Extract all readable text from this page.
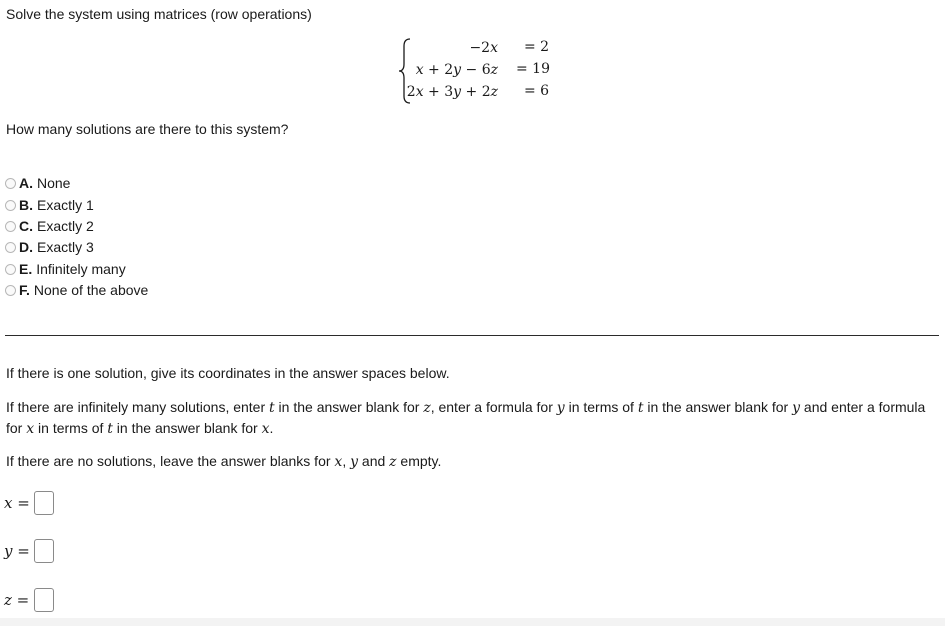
Solve the system using matrices (row operations)
−2x = 2
x + 2y − 6z = 19
2x + 3y + 2z = 6
How many solutions are there to this system?
A. None
B. Exactly 1
C. Exactly 2
D. Exactly 3
E. Infinitely many
F. None of the above
If there is one solution, give its coordinates in the answer spaces below.
If there are infinitely many solutions, enter t in the answer blank for z, enter a formula for y in terms of t in the answer blank for y and enter a formula for x in terms of t in the answer blank for x.
If there are no solutions, leave the answer blanks for x, y and z empty.
x =
y =
z =
